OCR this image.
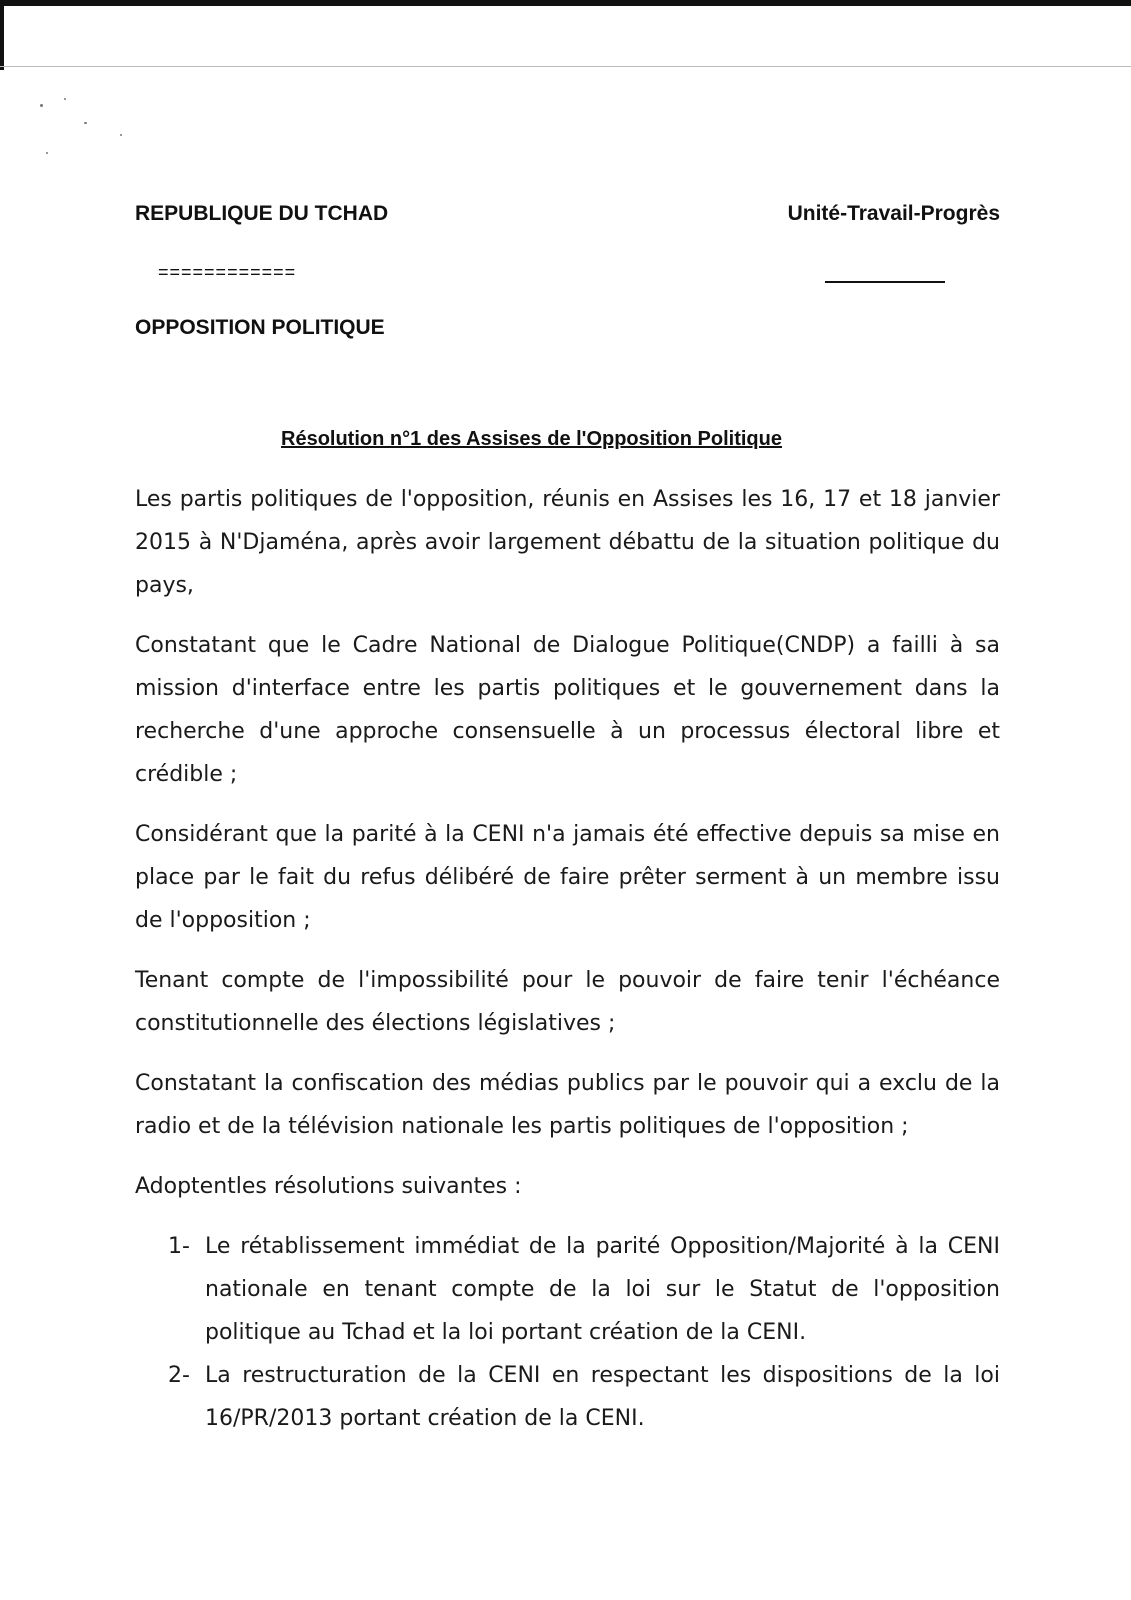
REPUBLIQUE DU TCHAD	Unité-Travail-Progrès
============
OPPOSITION POLITIQUE
Résolution n°1 des Assises de l'Opposition Politique

Les partis politiques de l'opposition, réunis en Assises les 16, 17 et 18 janvier 2015 à N'Djaména, après avoir largement débattu de la situation politique du pays,

Constatant que le Cadre National de Dialogue Politique(CNDP) a failli à sa mission d'interface entre les partis politiques et le gouvernement dans la recherche d'une approche consensuelle à un processus électoral libre et crédible ;

Considérant que la parité à la CENI n'a jamais été effective depuis sa mise en place par le fait du refus délibéré de faire prêter serment à un membre issu de l'opposition ;

Tenant compte de l'impossibilité pour le pouvoir de faire tenir l'échéance constitutionnelle des élections législatives ;

Constatant la confiscation des médias publics par le pouvoir qui a exclu de la radio et de la télévision nationale les partis politiques de l'opposition ;

Adoptentles résolutions suivantes :

1- Le rétablissement immédiat de la parité Opposition/Majorité à la CENI nationale en tenant compte de la loi sur le Statut de l'opposition politique au Tchad et la loi portant création de la CENI.
2- La restructuration de la CENI en respectant les dispositions de la loi 16/PR/2013 portant création de la CENI.
